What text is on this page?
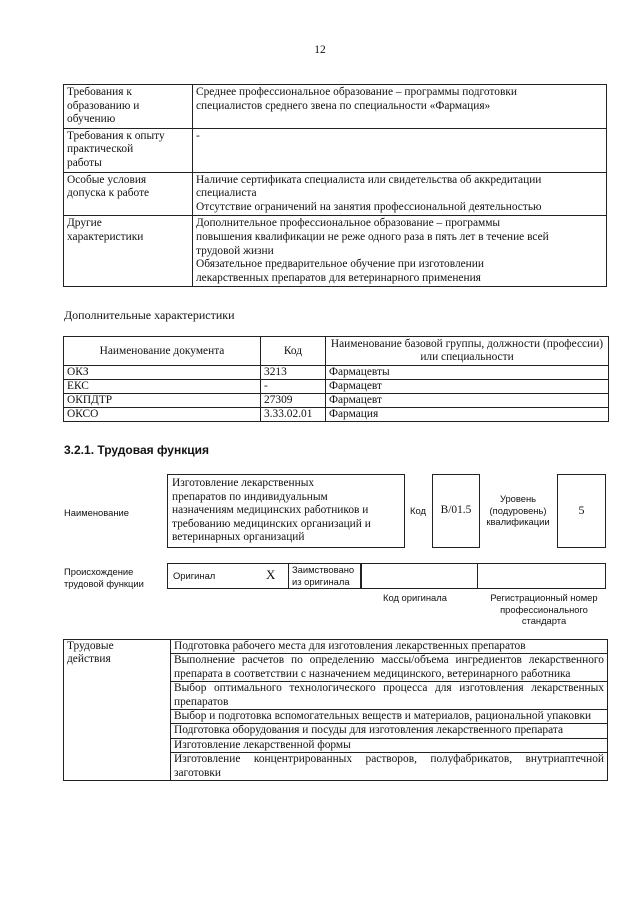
12
Требования к
образованию и
обучению	Среднее профессиональное образование – программы подготовки
специалистов среднего звена по специальности «Фармация»

Требования к опыту
практической
работы	-

Особые условия
допуска к работе	Наличие сертификата специалиста или свидетельства об аккредитации
специалиста
Отсутствие ограничений на занятия профессиональной деятельностью

Другие
характеристики	Дополнительное профессиональное образование – программы
повышения квалификации не реже одного раза в пять лет в течение всей
трудовой жизни
Обязательное предварительное обучение при изготовлении
лекарственных препаратов для ветеринарного применения
Дополнительные характеристики
Наименование документа	Код	Наименование базовой группы, должности (профессии) или специальности
ОКЗ	3213	Фармацевты
ЕКС	-	Фармацевт
ОКПДТР	27309	Фармацевт
ОКСО	3.33.02.01	Фармация
3.2.1. Трудовая функция
Наименование
Изготовление лекарственных
препаратов по индивидуальным
назначениям медицинских работников и
требованию медицинских организаций и
ветеринарных организаций
Код	B/01.5
Уровень
(подуровень)
квалификации
5
Происхождение
трудовой функции
Оригинал	X Заимствовано
из оригинала
Код оригинала	Регистрационный номер
профессионального
стандарта
Трудовые
действия
	Подготовка рабочего места для изготовления лекарственных препаратов
Выполнение расчетов по определению массы/объема ингредиентов лекарственного препарата в соответствии с назначением медицинского, ветеринарного работника
Выбор оптимального технологического процесса для изготовления лекарственных препаратов
Выбор и подготовка вспомогательных веществ и материалов, рациональной упаковки
Подготовка оборудования и посуды для изготовления лекарственного препарата
Изготовление лекарственной формы
Изготовление концентрированных растворов, полуфабрикатов, внутриаптечной заготовки
